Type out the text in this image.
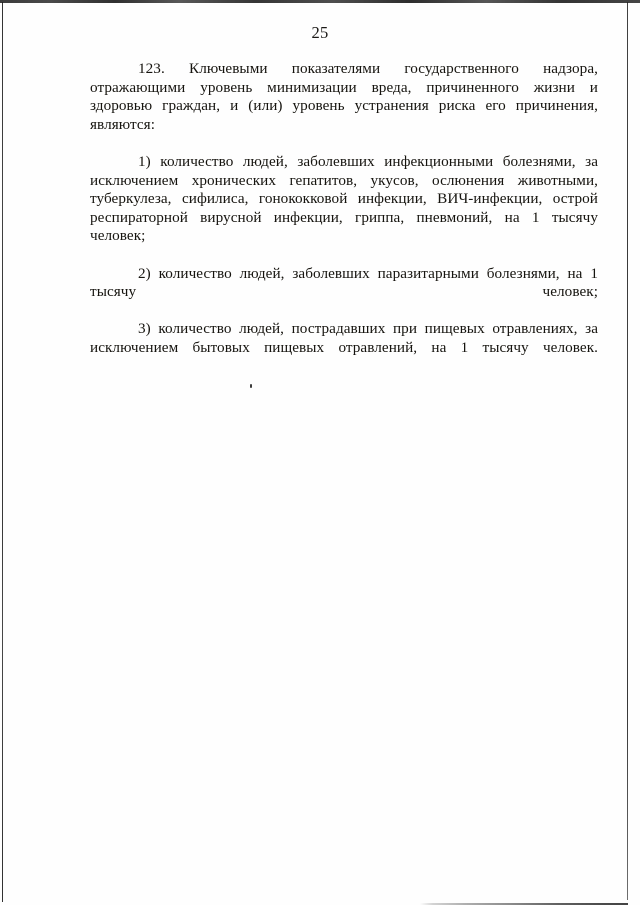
25

123. Ключевыми показателями государственного надзора, отражающими уровень минимизации вреда, причиненного жизни и здоровью граждан, и (или) уровень устранения риска его причинения, являются:

1) количество людей, заболевших инфекционными болезнями, за исключением хронических гепатитов, укусов, ослюнения животными, туберкулеза, сифилиса, гонококковой инфекции, ВИЧ-инфекции, острой респираторной вирусной инфекции, гриппа, пневмоний, на 1 тысячу человек;

2) количество людей, заболевших паразитарными болезнями, на 1 тысячу человек;

3) количество людей, пострадавших при пищевых отравлениях, за исключением бытовых пищевых отравлений, на 1 тысячу человек.
